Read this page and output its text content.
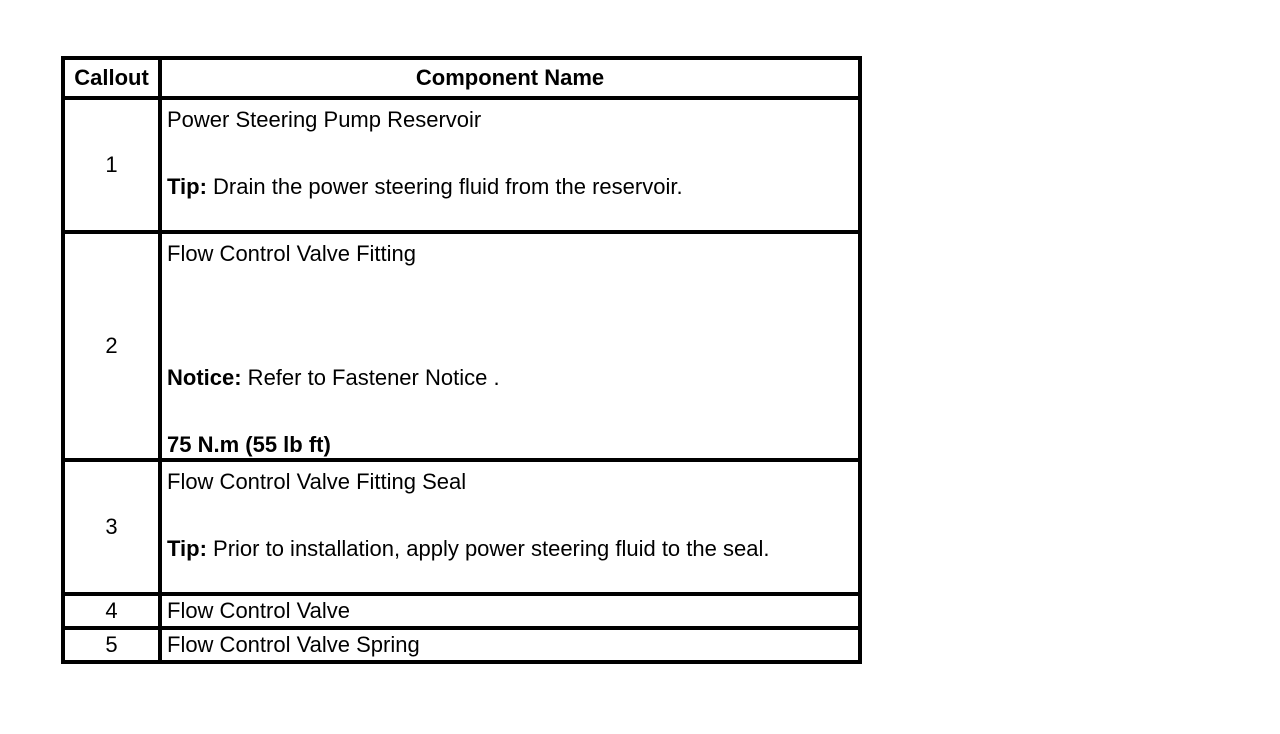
Callout	Component Name
1	Power Steering Pump Reservoir
Tip: Drain the power steering fluid from the reservoir.

2	Flow Control Valve Fitting
Notice: Refer to Fastener Notice .
75 N.m (55 lb ft)

3	Flow Control Valve Fitting Seal
Tip: Prior to installation, apply power steering fluid to the seal.

4	Flow Control Valve

5	Flow Control Valve Spring
